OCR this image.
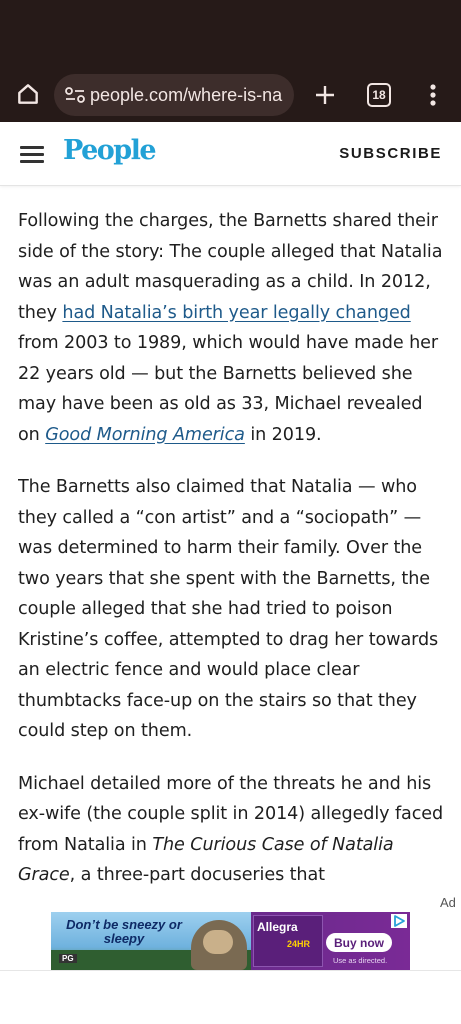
people.com/where-is-na	18
People	SUBSCRIBE

Following the charges, the Barnetts shared their side of the story: The couple alleged that Natalia was an adult masquerading as a child. In 2012, they had Natalia’s birth year legally changed from 2003 to 1989, which would have made her 22 years old — but the Barnetts believed she may have been as old as 33, Michael revealed on Good Morning America in 2019.

The Barnetts also claimed that Natalia — who they called a “con artist” and a “sociopath” — was determined to harm their family. Over the two years that she spent with the Barnetts, the couple alleged that she had tried to poison Kristine’s coffee, attempted to drag her towards an electric fence and would place clear thumbtacks face-up on the stairs so that they could step on them.

Michael detailed more of the threats he and his ex-wife (the couple split in 2014) allegedly faced from Natalia in The Curious Case of Natalia Grace, a three-part docuseries that

Ad
Don’t be sneezy or sleepy
PG
Allegra
24HR	Buy now
Use as directed.
